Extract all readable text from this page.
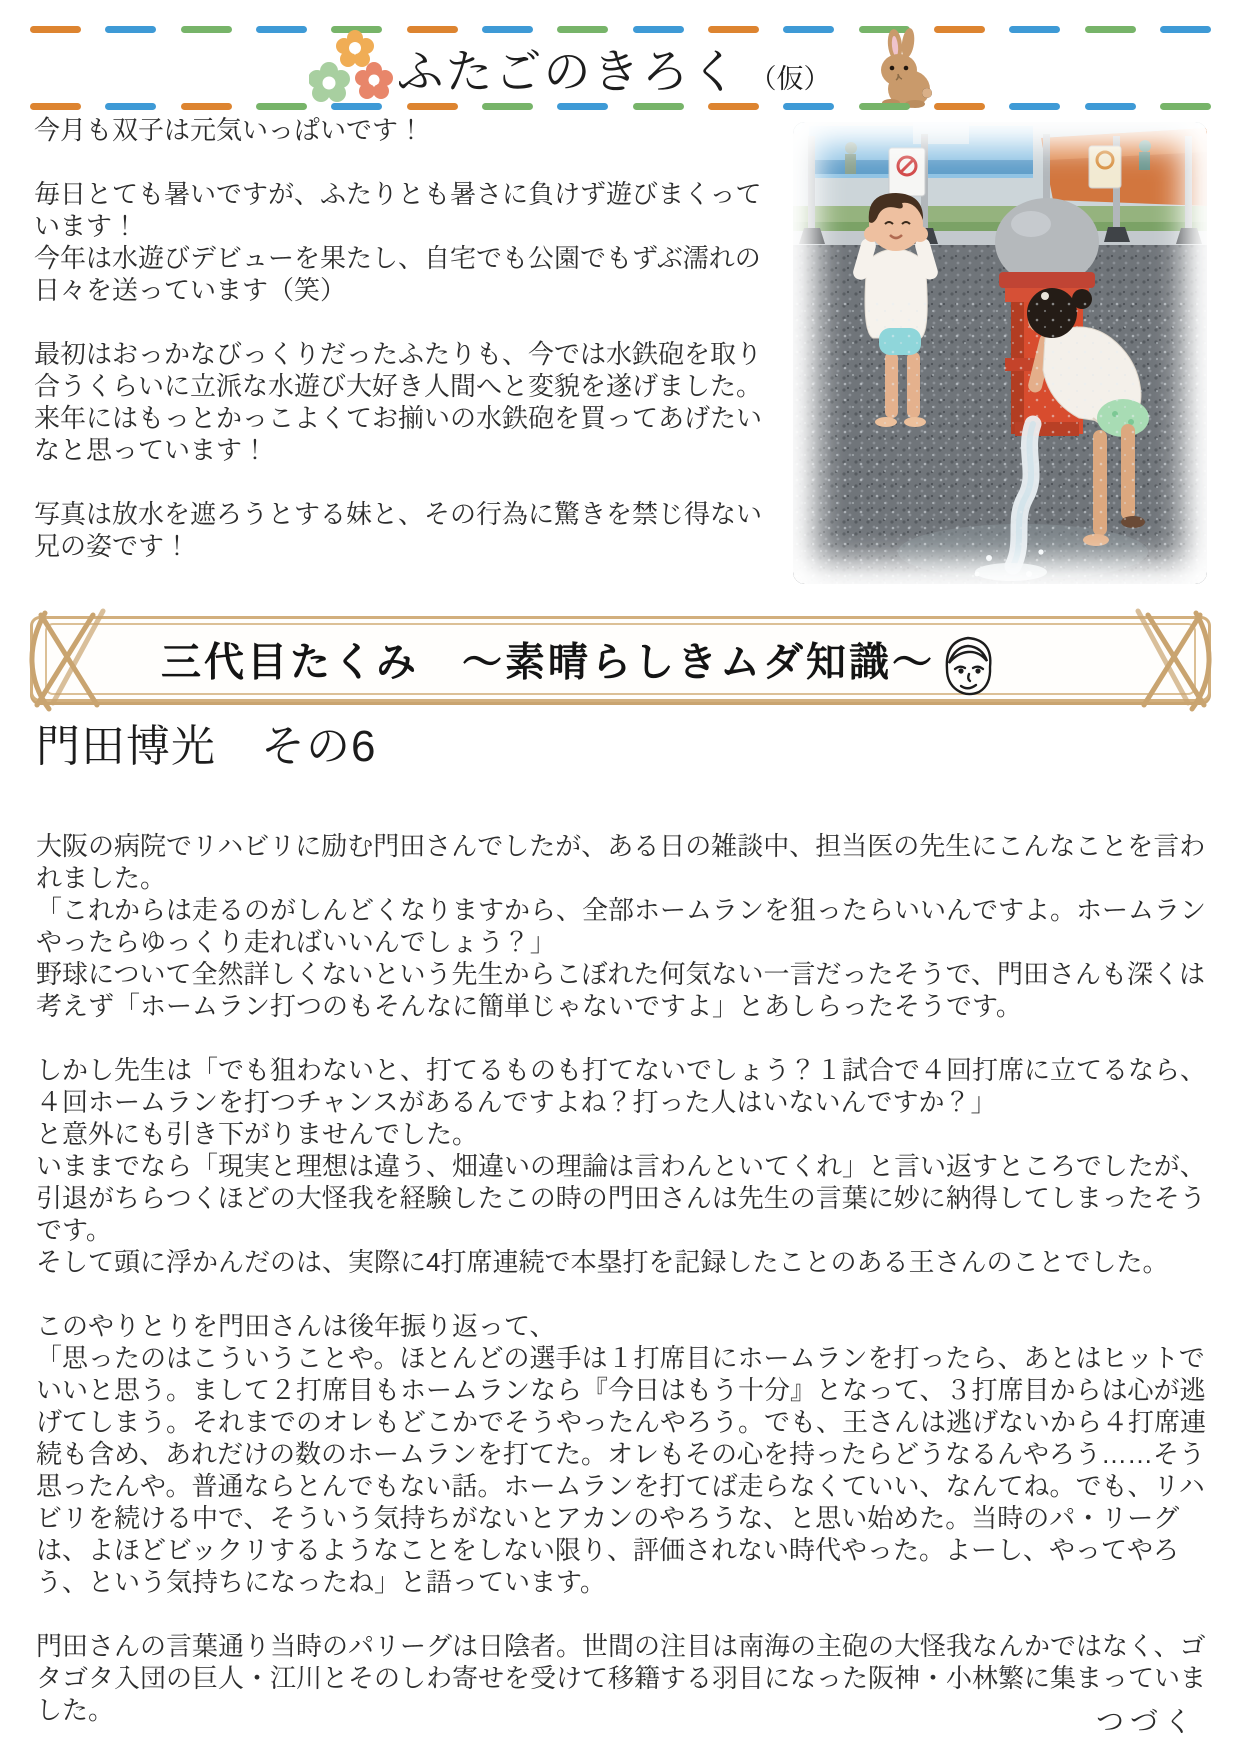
ふたごのきろく （仮）

今月も双子は元気いっぱいです！

毎日とても暑いですが、ふたりとも暑さに負けず遊びまくっています！

今年は水遊びデビューを果たし、自宅でも公園でもずぶ濡れの日々を送っています（笑）

最初はおっかなびっくりだったふたりも、今では水鉄砲を取り合うくらいに立派な水遊び大好き人間へと変貌を遂げました。

来年にはもっとかっこよくてお揃いの水鉄砲を買ってあげたいなと思っています！

写真は放水を遮ろうとする妹と、その行為に驚きを禁じ得ない兄の姿です！

三代目たくみ　～素晴らしきムダ知識～
門田博光　その6

大阪の病院でリハビリに励む門田さんでしたが、ある日の雑談中、担当医の先生にこんなことを言われました。

「これからは走るのがしんどくなりますから、全部ホームランを狙ったらいいんですよ。ホームランやったらゆっくり走ればいいんでしょう？」

野球について全然詳しくないという先生からこぼれた何気ない一言だったそうで、門田さんも深くは考えず「ホームラン打つのもそんなに簡単じゃないですよ」とあしらったそうです。

しかし先生は「でも狙わないと、打てるものも打てないでしょう？１試合で４回打席に立てるなら、４回ホームランを打つチャンスがあるんですよね？打った人はいないんですか？」

と意外にも引き下がりませんでした。

いままでなら「現実と理想は違う、畑違いの理論は言わんといてくれ」と言い返すところでしたが、引退がちらつくほどの大怪我を経験したこの時の門田さんは先生の言葉に妙に納得してしまったそうです。

そして頭に浮かんだのは、実際に4打席連続で本塁打を記録したことのある王さんのことでした。

このやりとりを門田さんは後年振り返って、

「思ったのはこういうことや。ほとんどの選手は１打席目にホームランを打ったら、あとはヒットでいいと思う。まして２打席目もホームランなら『今日はもう十分』となって、３打席目からは心が逃げてしまう。それまでのオレもどこかでそうやったんやろう。でも、王さんは逃げないから４打席連続も含め、あれだけの数のホームランを打てた。オレもその心を持ったらどうなるんやろう……そう思ったんや。普通ならとんでもない話。ホームランを打てば走らなくていい、なんてね。でも、リハビリを続ける中で、そういう気持ちがないとアカンのやろうな、と思い始めた。当時のパ・リーグは、よほどビックリするようなことをしない限り、評価されない時代やった。よーし、やってやろう、という気持ちになったね」と語っています。

門田さんの言葉通り当時のパリーグは日陰者。世間の注目は南海の主砲の大怪我なんかではなく、ゴタゴタ入団の巨人・江川とそのしわ寄せを受けて移籍する羽目になった阪神・小林繁に集まっていました。	つづく
